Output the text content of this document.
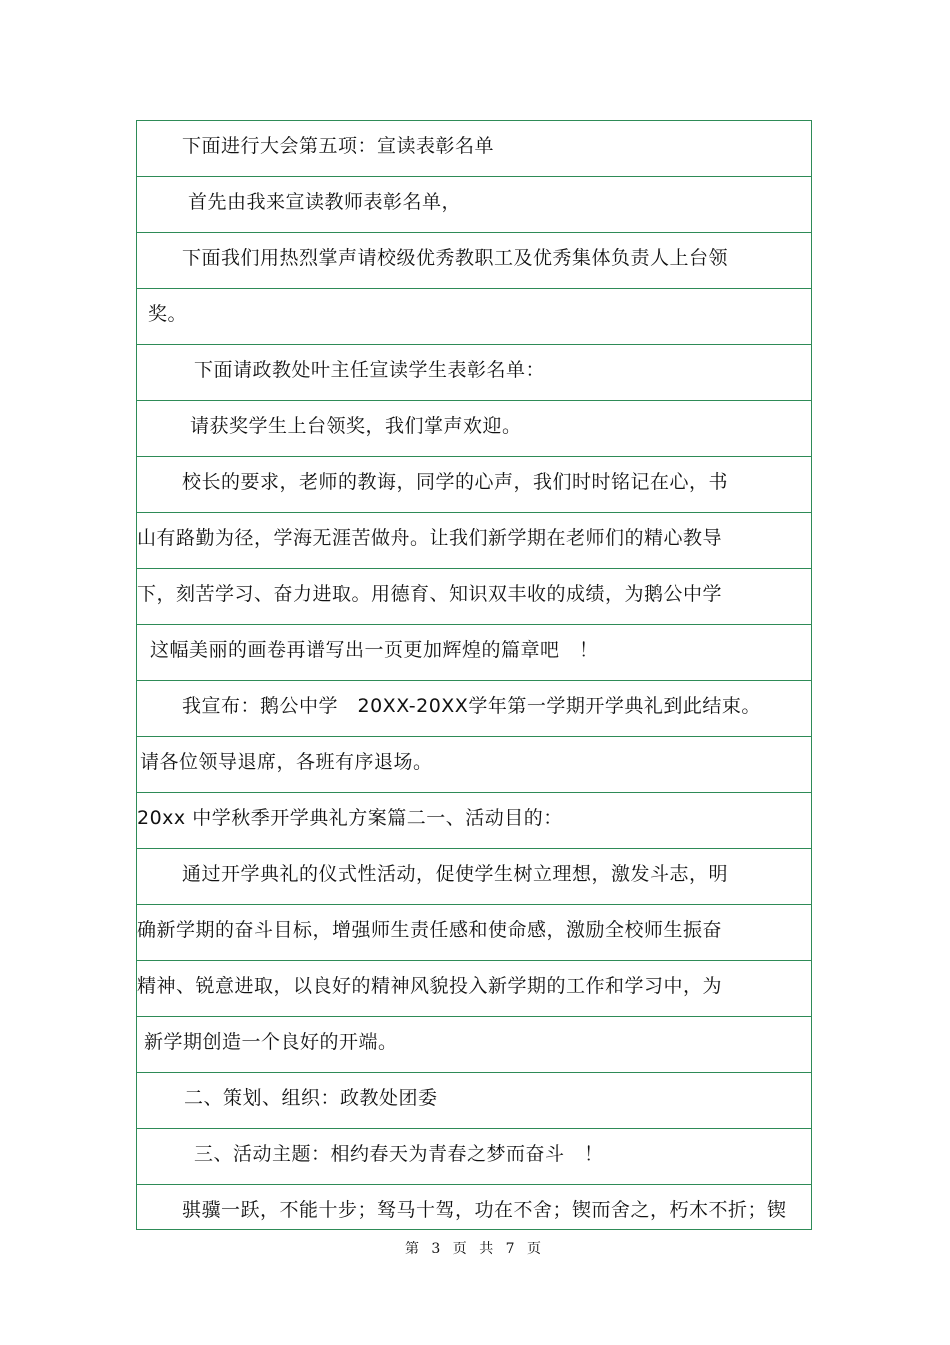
下面进行大会第五项：宣读表彰名单
首先由我来宣读教师表彰名单，
下面我们用热烈掌声请校级优秀教职工及优秀集体负责人上台领
奖。
下面请政教处叶主任宣读学生表彰名单：
请获奖学生上台领奖，我们掌声欢迎。
校长的要求，老师的教诲，同学的心声，我们时时铭记在心，书
山有路勤为径，学海无涯苦做舟。让我们新学期在老师们的精心教导
下，刻苦学习、奋力进取。用德育、知识双丰收的成绩，为鹅公中学
这幅美丽的画卷再谱写出一页更加辉煌的篇章吧　！
我宣布：鹅公中学　20XX-20XX学年第一学期开学典礼到此结束。
请各位领导退席，各班有序退场。
20xx 中学秋季开学典礼方案篇二一、活动目的：
通过开学典礼的仪式性活动，促使学生树立理想，激发斗志，明
确新学期的奋斗目标，增强师生责任感和使命感，激励全校师生振奋
精神、锐意进取，以良好的精神风貌投入新学期的工作和学习中，为
新学期创造一个良好的开端。
二、策划、组织：政教处团委
三、活动主题：相约春天为青春之梦而奋斗　！
骐骥一跃，不能十步；驽马十驾，功在不舍；锲而舍之，朽木不折；锲
第 3 页 共 7 页
